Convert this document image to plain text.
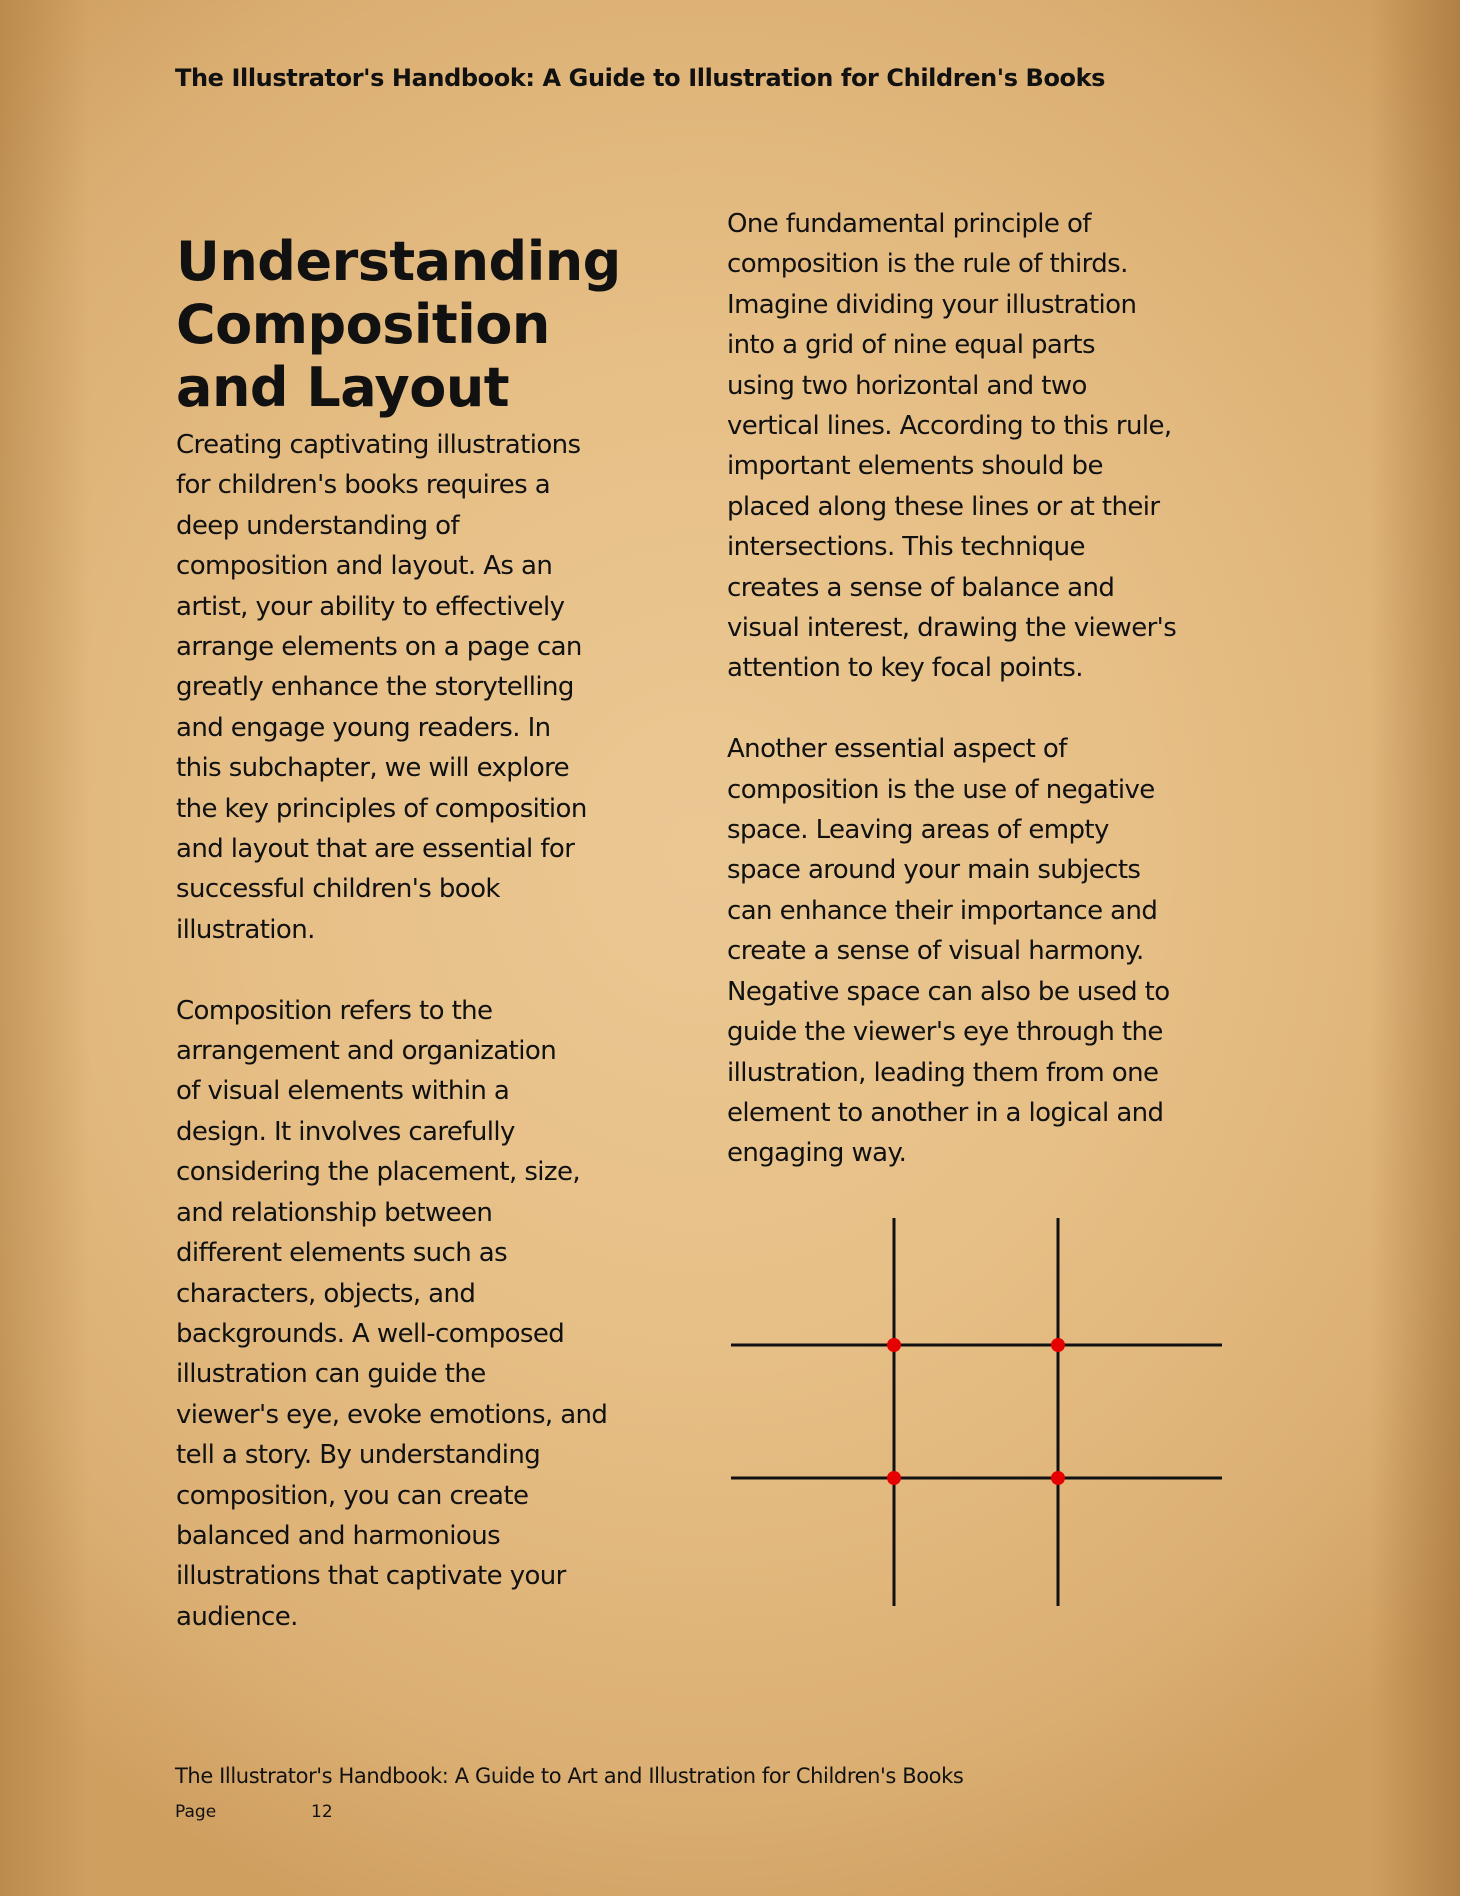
The Illustrator's Handbook: A Guide to Illustration for Children's Books
Understanding
Composition
and Layout

Creating captivating illustrations
for children's books requires a
deep understanding of
composition and layout. As an
artist, your ability to effectively
arrange elements on a page can
greatly enhance the storytelling
and engage young readers. In
this subchapter, we will explore
the key principles of composition
and layout that are essential for
successful children's book
illustration.

Composition refers to the
arrangement and organization
of visual elements within a
design. It involves carefully
considering the placement, size,
and relationship between
different elements such as
characters, objects, and
backgrounds. A well-composed
illustration can guide the
viewer's eye, evoke emotions, and
tell a story. By understanding
composition, you can create
balanced and harmonious
illustrations that captivate your
audience.

One fundamental principle of
composition is the rule of thirds.
Imagine dividing your illustration
into a grid of nine equal parts
using two horizontal and two
vertical lines. According to this rule,
important elements should be
placed along these lines or at their
intersections. This technique
creates a sense of balance and
visual interest, drawing the viewer's
attention to key focal points.

Another essential aspect of
composition is the use of negative
space. Leaving areas of empty
space around your main subjects
can enhance their importance and
create a sense of visual harmony.
Negative space can also be used to
guide the viewer's eye through the
illustration, leading them from one
element to another in a logical and
engaging way.

The Illustrator's Handbook: A Guide to Art and Illustration for Children's Books
Page	12
